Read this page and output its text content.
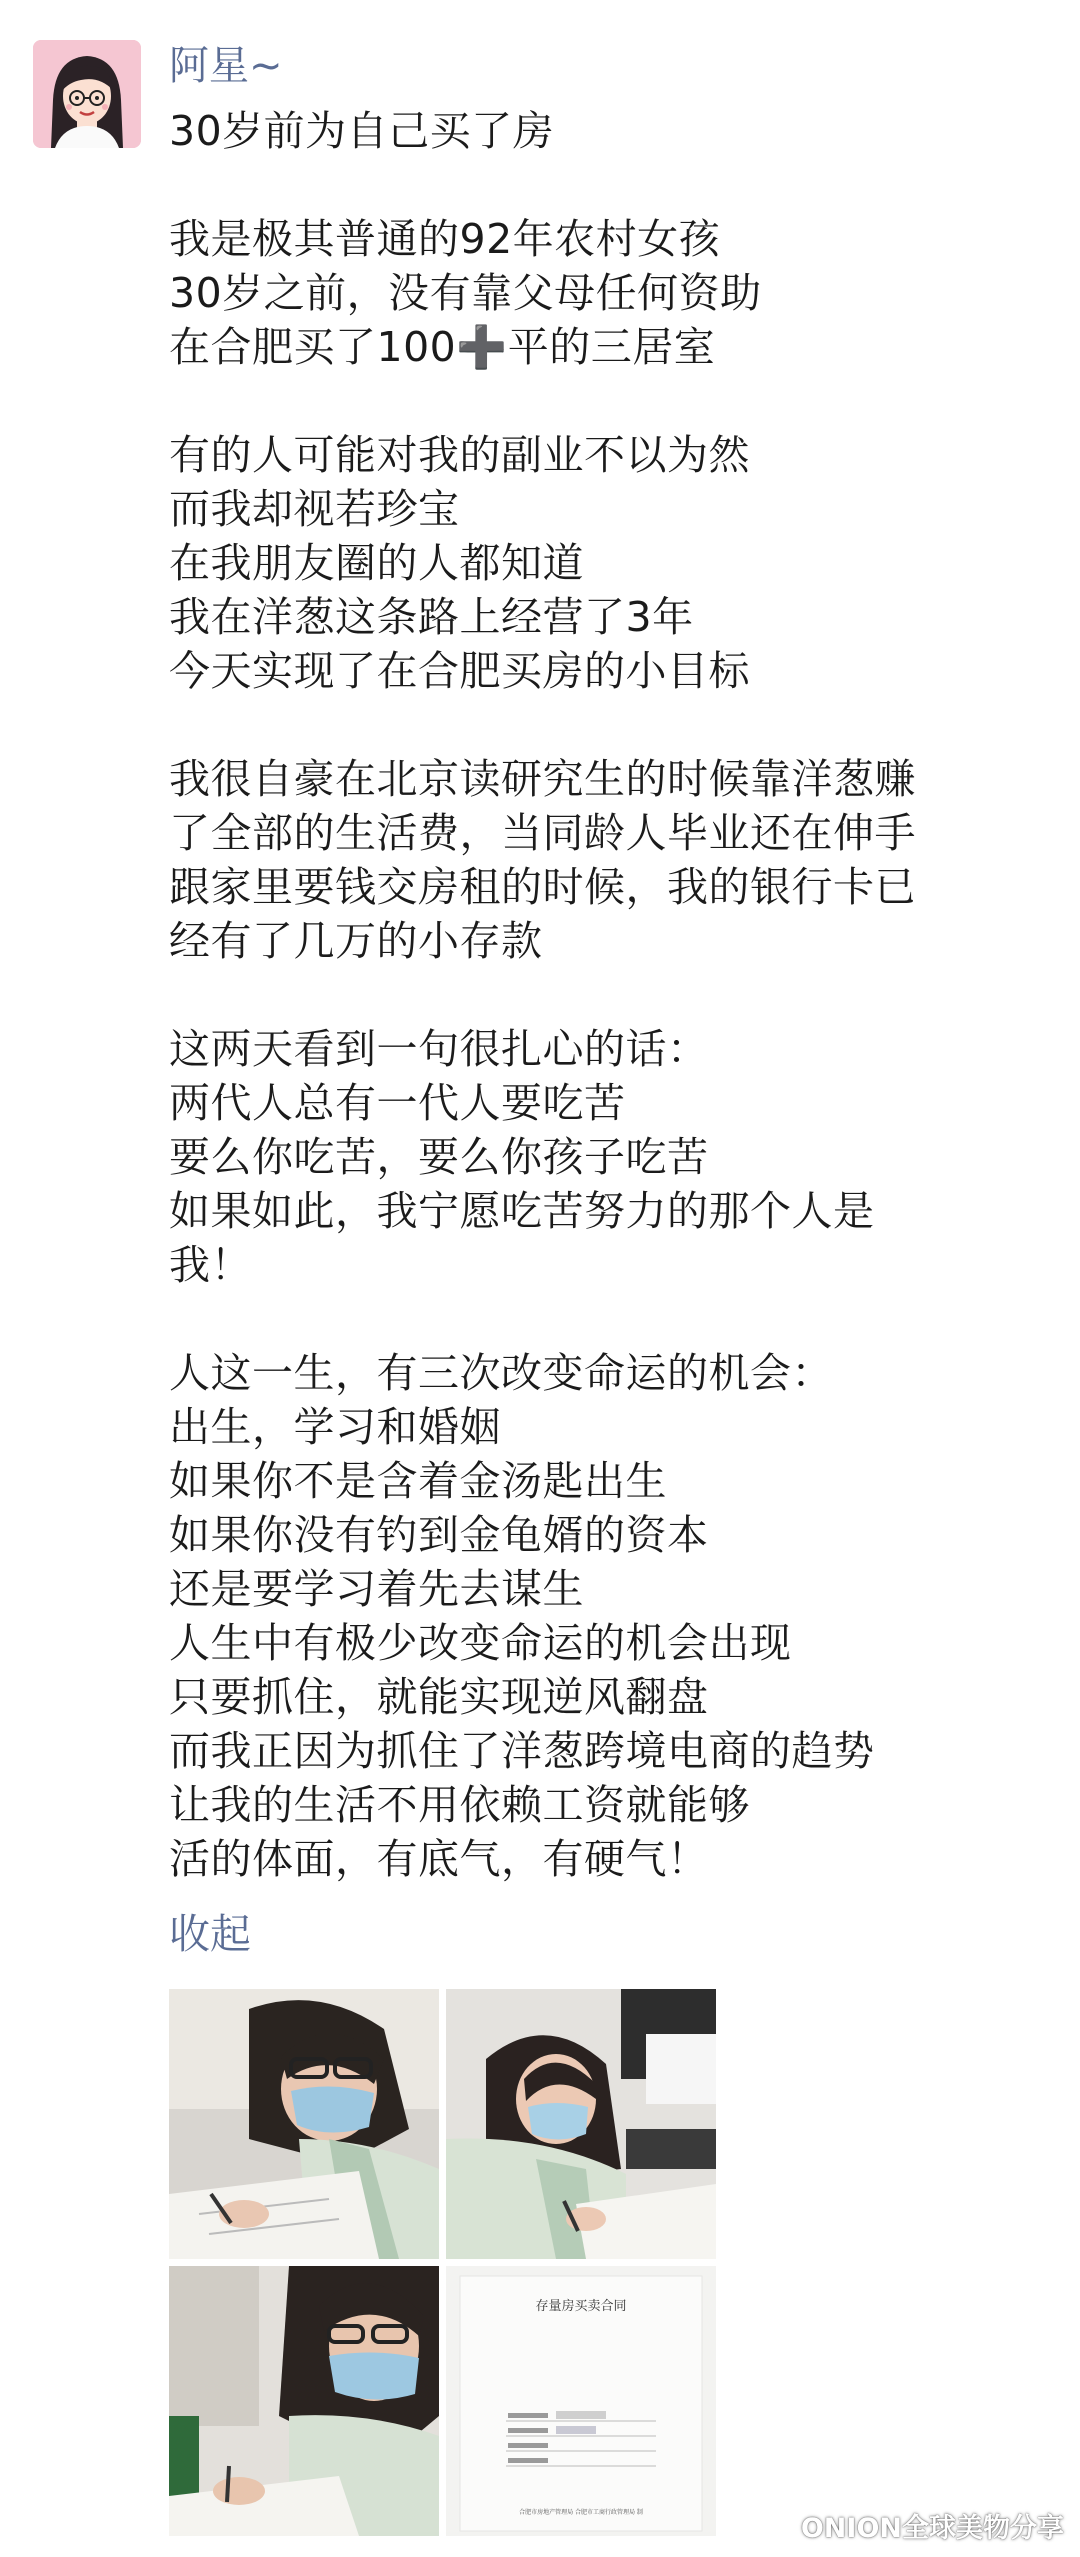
阿星~

30岁前为自己买了房

我是极其普通的92年农村女孩
30岁之前，没有靠父母任何资助
在合肥买了100➕平的三居室

有的人可能对我的副业不以为然
而我却视若珍宝
在我朋友圈的人都知道
我在洋葱这条路上经营了3年
今天实现了在合肥买房的小目标

我很自豪在北京读研究生的时候靠洋葱赚
了全部的生活费，当同龄人毕业还在伸手
跟家里要钱交房租的时候，我的银行卡已
经有了几万的小存款

这两天看到一句很扎心的话：
两代人总有一代人要吃苦
要么你吃苦，要么你孩子吃苦
如果如此，我宁愿吃苦努力的那个人是
我！

人这一生，有三次改变命运的机会：
出生，学习和婚姻
如果你不是含着金汤匙出生
如果你没有钓到金龟婿的资本
还是要学习着先去谋生
人生中有极少改变命运的机会出现
只要抓住，就能实现逆风翻盘
而我正因为抓住了洋葱跨境电商的趋势
让我的生活不用依赖工资就能够
活的体面，有底气，有硬气！

收起
存量房买卖合同
合肥市房地产管理局 合肥市工商行政管理局 制
ONION全球美物分享
